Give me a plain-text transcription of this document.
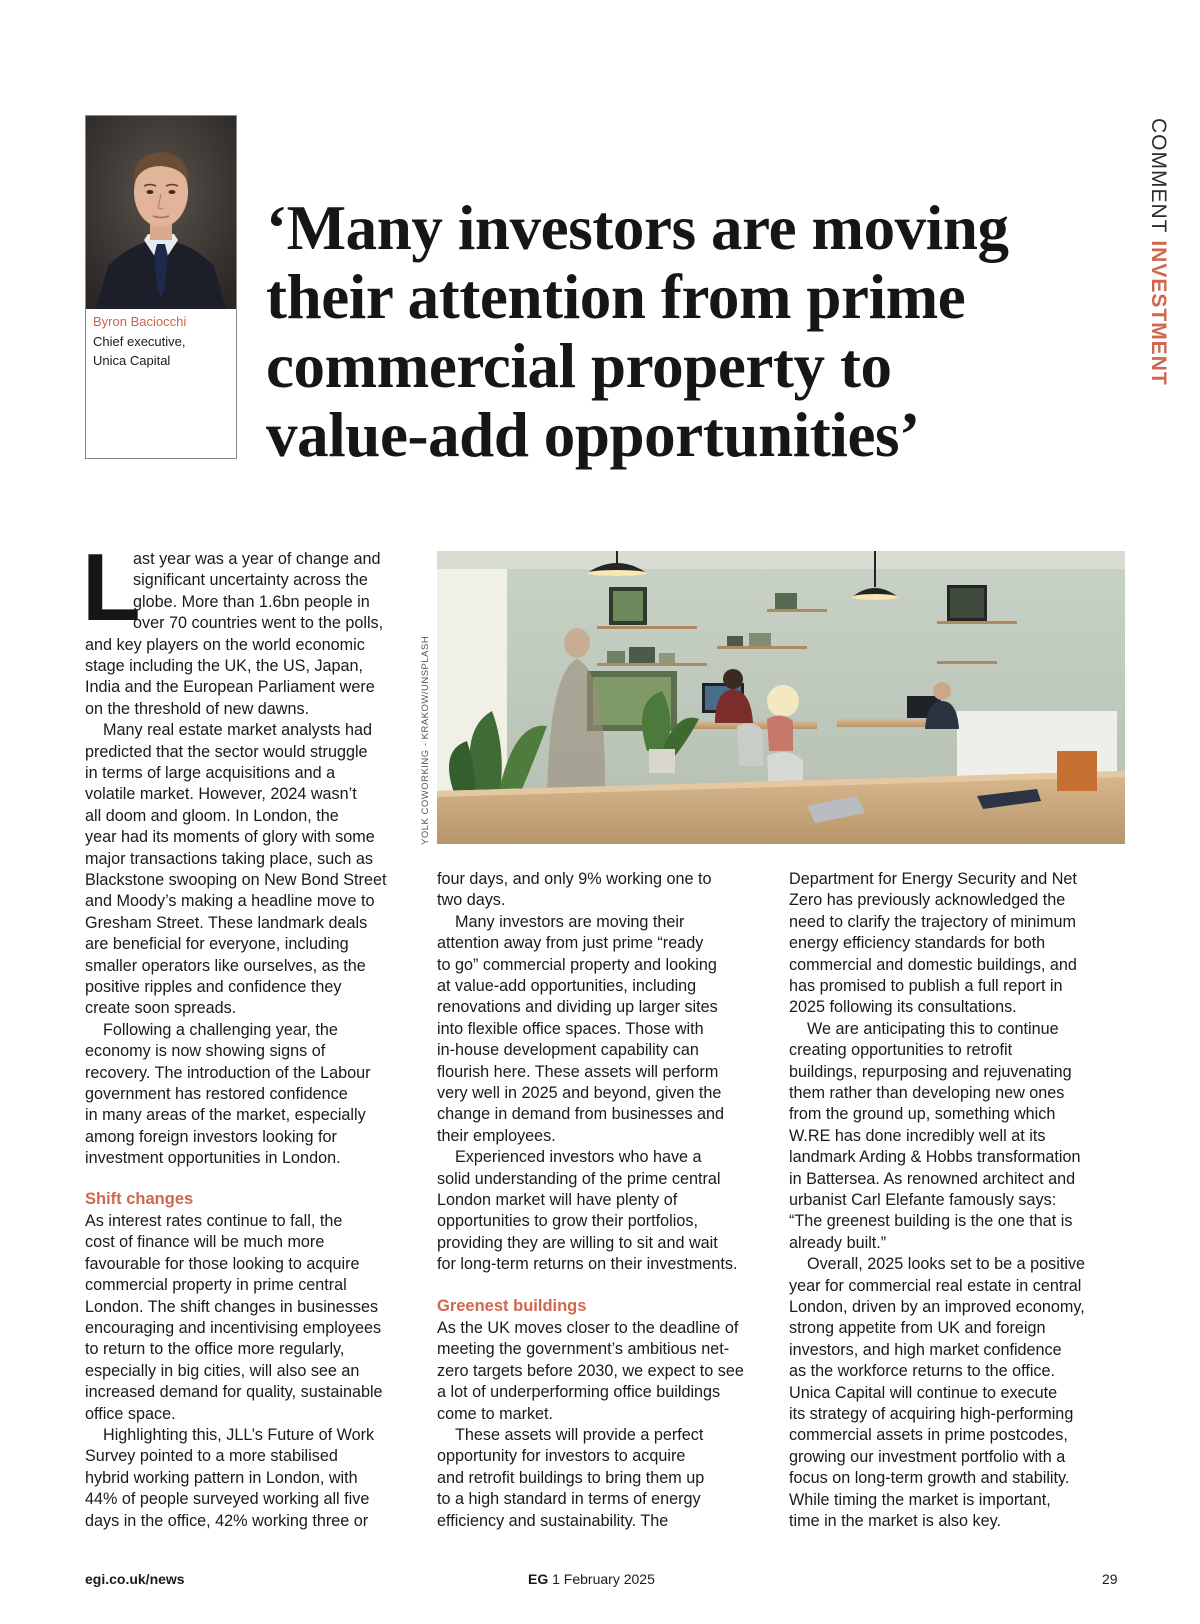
COMMENT INVESTMENT
Byron Baciocchi
Chief executive,
Unica Capital
‘Many investors are moving
their attention from prime
commercial property to
value-add opportunities’
YOLK COWORKING - KRAKOW/UNSPLASH
L
ast year was a year of change and
significant uncertainty across the
globe. More than 1.6bn people in
over 70 countries went to the polls,
and key players on the world economic
stage including the UK, the US, Japan,
India and the European Parliament were
on the threshold of new dawns.
Many real estate market analysts had
predicted that the sector would struggle
in terms of large acquisitions and a
volatile market. However, 2024 wasn’t
all doom and gloom. In London, the
year had its moments of glory with some
major transactions taking place, such as
Blackstone swooping on New Bond Street
and Moody’s making a headline move to
Gresham Street. These landmark deals
are beneficial for everyone, including
smaller operators like ourselves, as the
positive ripples and confidence they
create soon spreads.
Following a challenging year, the
economy is now showing signs of
recovery. The introduction of the Labour
government has restored confidence
in many areas of the market, especially
among foreign investors looking for
investment opportunities in London.
Shift changes
As interest rates continue to fall, the
cost of finance will be much more
favourable for those looking to acquire
commercial property in prime central
London. The shift changes in businesses
encouraging and incentivising employees
to return to the office more regularly,
especially in big cities, will also see an
increased demand for quality, sustainable
office space.
Highlighting this, JLL’s Future of Work
Survey pointed to a more stabilised
hybrid working pattern in London, with
44% of people surveyed working all five
days in the office, 42% working three or
four days, and only 9% working one to
two days.
Many investors are moving their
attention away from just prime “ready
to go” commercial property and looking
at value-add opportunities, including
renovations and dividing up larger sites
into flexible office spaces. Those with
in-house development capability can
flourish here. These assets will perform
very well in 2025 and beyond, given the
change in demand from businesses and
their employees.
Experienced investors who have a
solid understanding of the prime central
London market will have plenty of
opportunities to grow their portfolios,
providing they are willing to sit and wait
for long-term returns on their investments.
Greenest buildings
As the UK moves closer to the deadline of
meeting the government’s ambitious net-
zero targets before 2030, we expect to see
a lot of underperforming office buildings
come to market.
These assets will provide a perfect
opportunity for investors to acquire
and retrofit buildings to bring them up
to a high standard in terms of energy
efficiency and sustainability. The
Department for Energy Security and Net
Zero has previously acknowledged the
need to clarify the trajectory of minimum
energy efficiency standards for both
commercial and domestic buildings, and
has promised to publish a full report in
2025 following its consultations.
We are anticipating this to continue
creating opportunities to retrofit
buildings, repurposing and rejuvenating
them rather than developing new ones
from the ground up, something which
W.RE has done incredibly well at its
landmark Arding & Hobbs transformation
in Battersea. As renowned architect and
urbanist Carl Elefante famously says:
“The greenest building is the one that is
already built.”
Overall, 2025 looks set to be a positive
year for commercial real estate in central
London, driven by an improved economy,
strong appetite from UK and foreign
investors, and high market confidence
as the workforce returns to the office.
Unica Capital will continue to execute
its strategy of acquiring high-performing
commercial assets in prime postcodes,
growing our investment portfolio with a
focus on long-term growth and stability.
While timing the market is important,
time in the market is also key.
egi.co.uk/news	EG 1 February 2025	29
